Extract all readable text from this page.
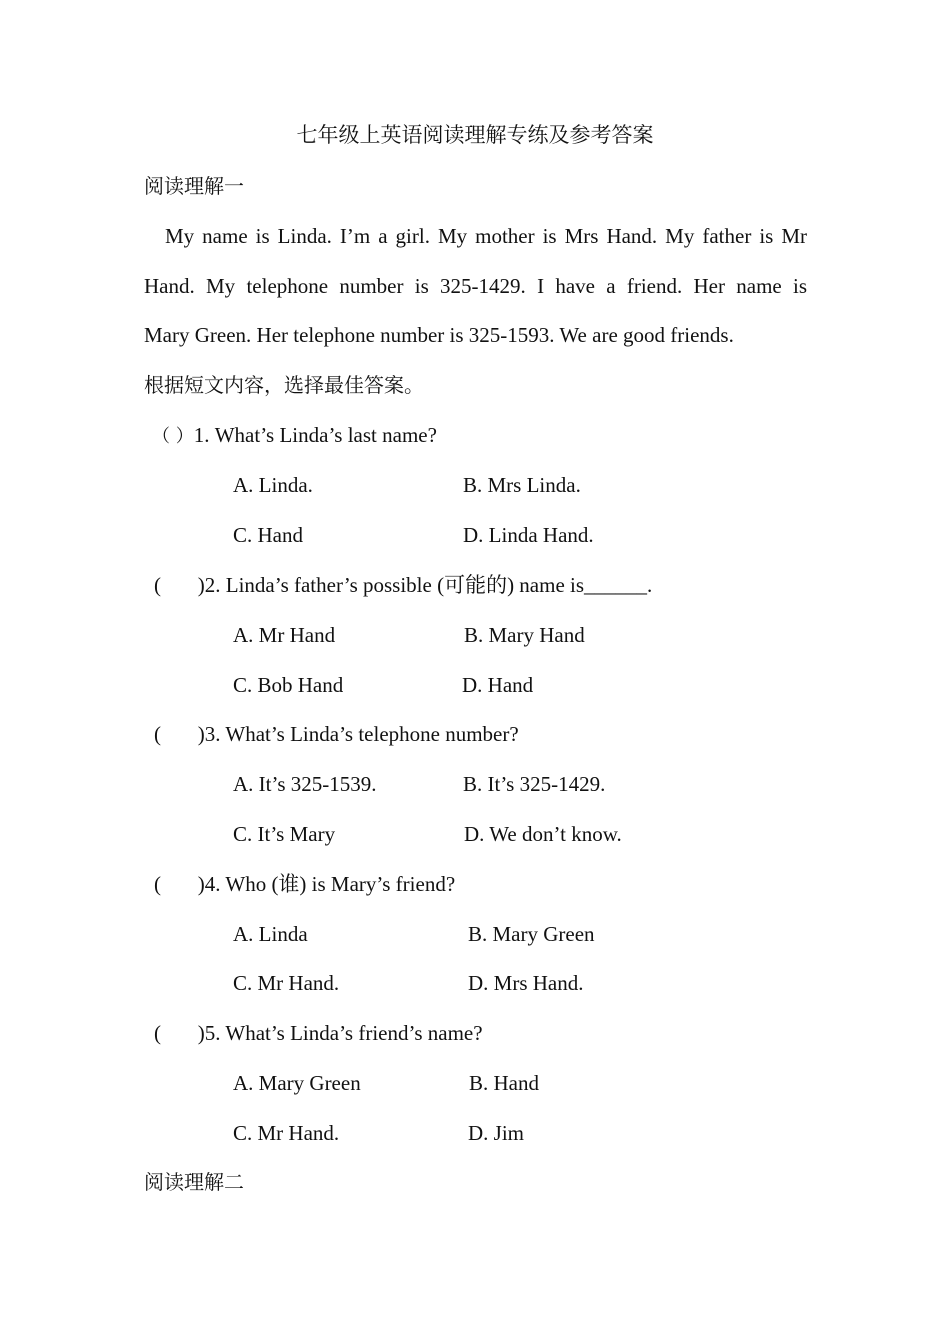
七年级上英语阅读理解专练及参考答案
阅读理解一
My name is Linda. I’m a girl. My mother is Mrs Hand. My father is Mr
Hand. My telephone number is 325-1429. I have a friend. Her name is
Mary Green. Her telephone number is 325-1593. We are good friends.
根据短文内容，选择最佳答案。
（ ）1. What’s Linda’s last name?
A. Linda.	B. Mrs Linda.
C. Hand	D. Linda Hand.
(       )2. Linda’s father’s possible (可能的) name is______.
A. Mr Hand	B. Mary Hand
C. Bob Hand	D. Hand
(       )3. What’s Linda’s telephone number?
A. It’s 325-1539.	B. It’s 325-1429.
C. It’s Mary	D. We don’t know.
(       )4. Who (谁) is Mary’s friend?
A. Linda	B. Mary Green
C. Mr Hand.	D. Mrs Hand.
(       )5. What’s Linda’s friend’s name?
A. Mary Green	B. Hand
C. Mr Hand.	D. Jim
阅读理解二
